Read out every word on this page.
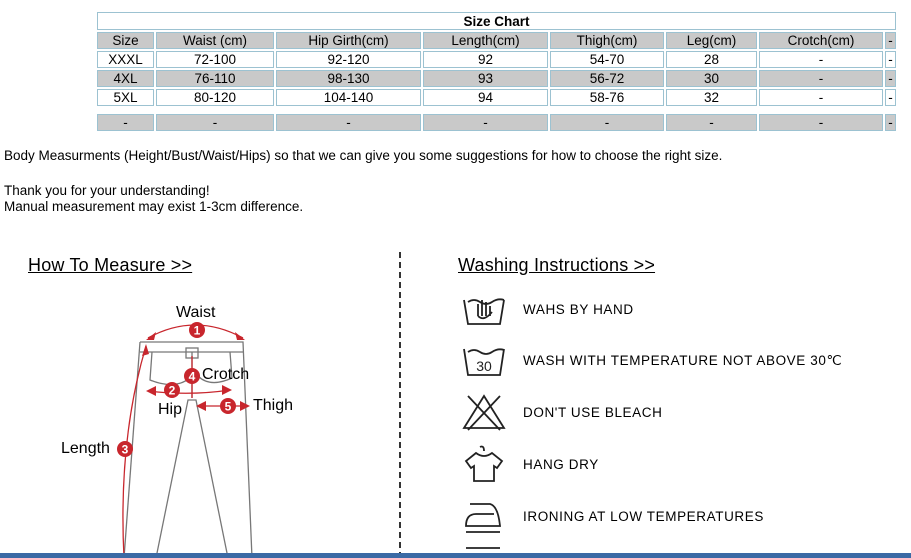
Size Chart							
Size	Waist (cm)	Hip Girth(cm)	Length(cm)	Thigh(cm)	Leg(cm)	Crotch(cm)	-
XXXL	72-100	92-120	92	54-70	28	-	-
4XL	76-110	98-130	93	56-72	30	-	-
5XL	80-120	104-140	94	58-76	32	-	-

-	-	-	-	-	-	-	-
Body Measurments (Height/Bust/Waist/Hips) so that we can give you some suggestions for how to choose the right size.
Thank you for your understanding!
Manual measurement may exist 1-3cm difference.
How To Measure >>	Washing Instructions >>
1
2
3
4
5
Waist
Crotch
Hip	Thigh
Length
WAHS BY HAND
30 WASH WITH TEMPERATURE NOT ABOVE 30℃
DON'T USE BLEACH
HANG DRY
IRONING AT LOW TEMPERATURES
